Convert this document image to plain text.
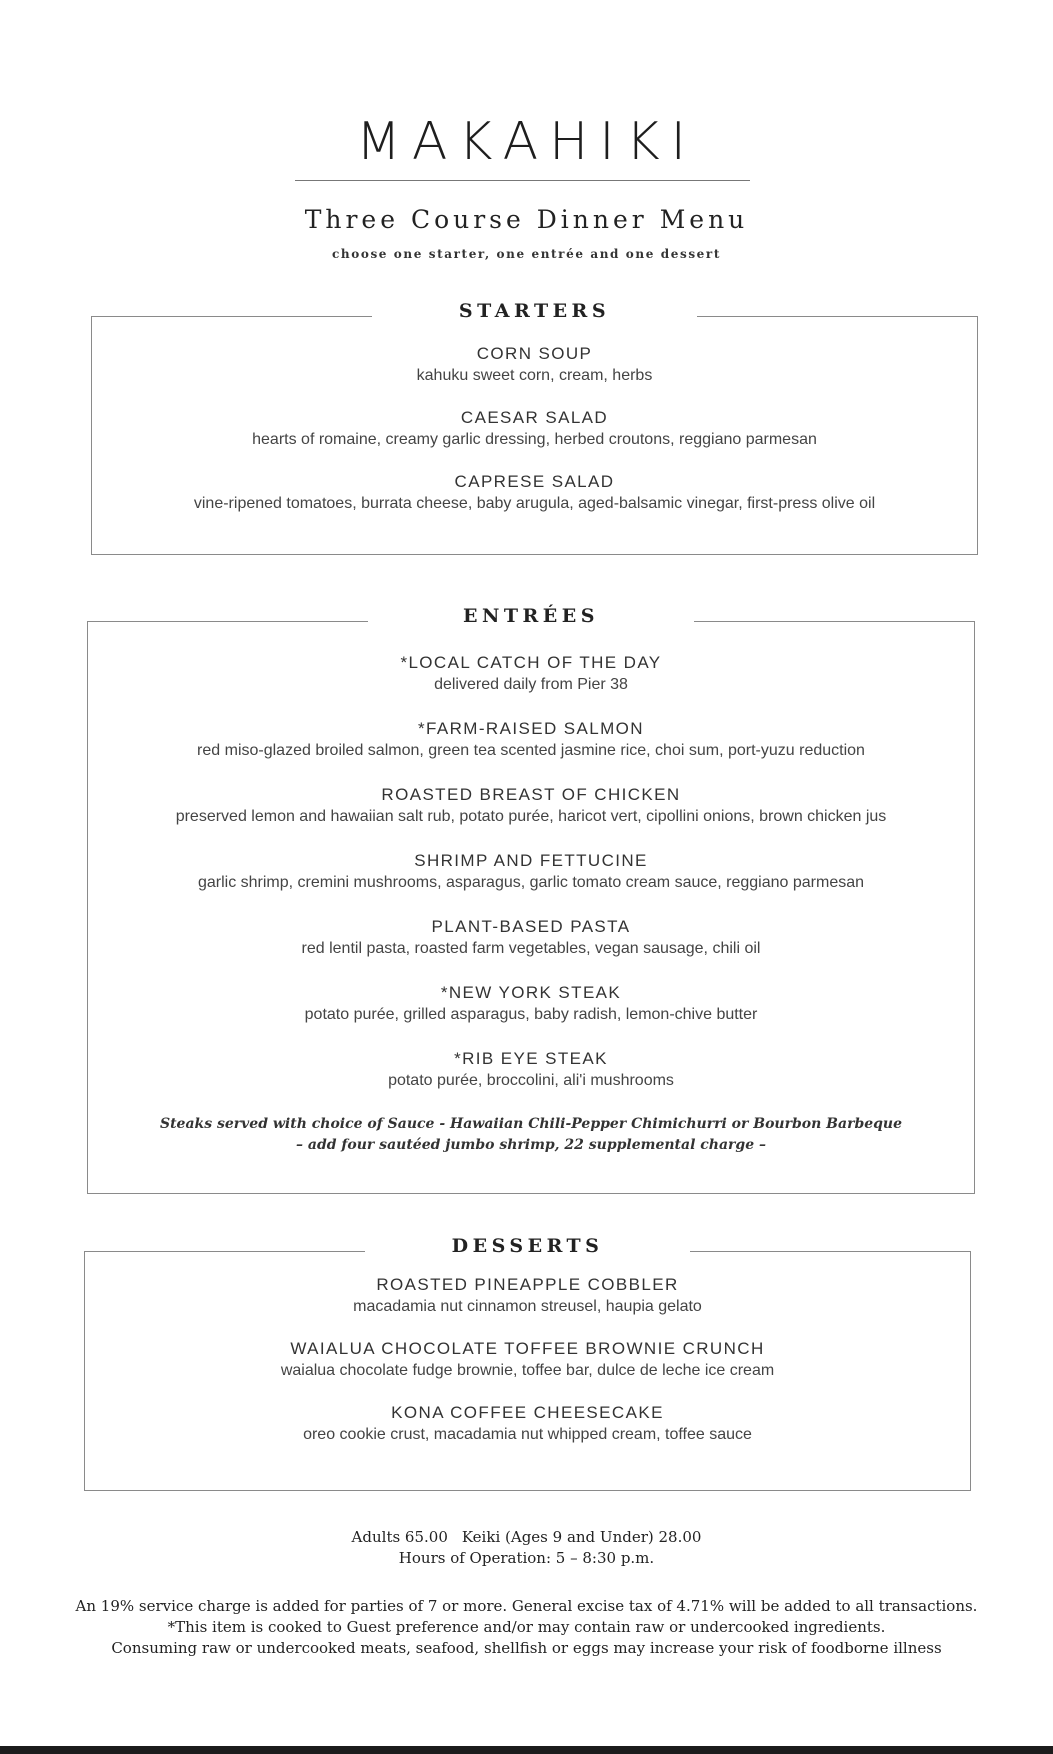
MAKAHIKI
Three Course Dinner Menu
choose one starter, one entrée and one dessert
STARTERS
CORN SOUP
kahuku sweet corn, cream, herbs
CAESAR SALAD
hearts of romaine, creamy garlic dressing, herbed croutons, reggiano parmesan
CAPRESE SALAD
vine-ripened tomatoes, burrata cheese, baby arugula, aged-balsamic vinegar, first-press olive oil
ENTRÉES
*LOCAL CATCH OF THE DAY
delivered daily from Pier 38
*FARM-RAISED SALMON
red miso-glazed broiled salmon, green tea scented jasmine rice, choi sum, port-yuzu reduction
ROASTED BREAST OF CHICKEN
preserved lemon and hawaiian salt rub, potato purée, haricot vert, cipollini onions, brown chicken jus
SHRIMP AND FETTUCINE
garlic shrimp, cremini mushrooms, asparagus, garlic tomato cream sauce, reggiano parmesan
PLANT-BASED PASTA
red lentil pasta, roasted farm vegetables, vegan sausage, chili oil
*NEW YORK STEAK
potato purée, grilled asparagus, baby radish, lemon-chive butter
*RIB EYE STEAK
potato purée, broccolini, ali'i mushrooms
Steaks served with choice of Sauce - Hawaiian Chili-Pepper Chimichurri or Bourbon Barbeque
– add four sautéed jumbo shrimp, 22 supplemental charge –
DESSERTS
ROASTED PINEAPPLE COBBLER
macadamia nut cinnamon streusel, haupia gelato
WAIALUA CHOCOLATE TOFFEE BROWNIE CRUNCH
waialua chocolate fudge brownie, toffee bar, dulce de leche ice cream
KONA COFFEE CHEESECAKE
oreo cookie crust, macadamia nut whipped cream, toffee sauce
Adults 65.00 Keiki (Ages 9 and Under) 28.00
Hours of Operation: 5 – 8:30 p.m.
An 19% service charge is added for parties of 7 or more. General excise tax of 4.71% will be added to all transactions.
*This item is cooked to Guest preference and/or may contain raw or undercooked ingredients.
Consuming raw or undercooked meats, seafood, shellfish or eggs may increase your risk of foodborne illness
